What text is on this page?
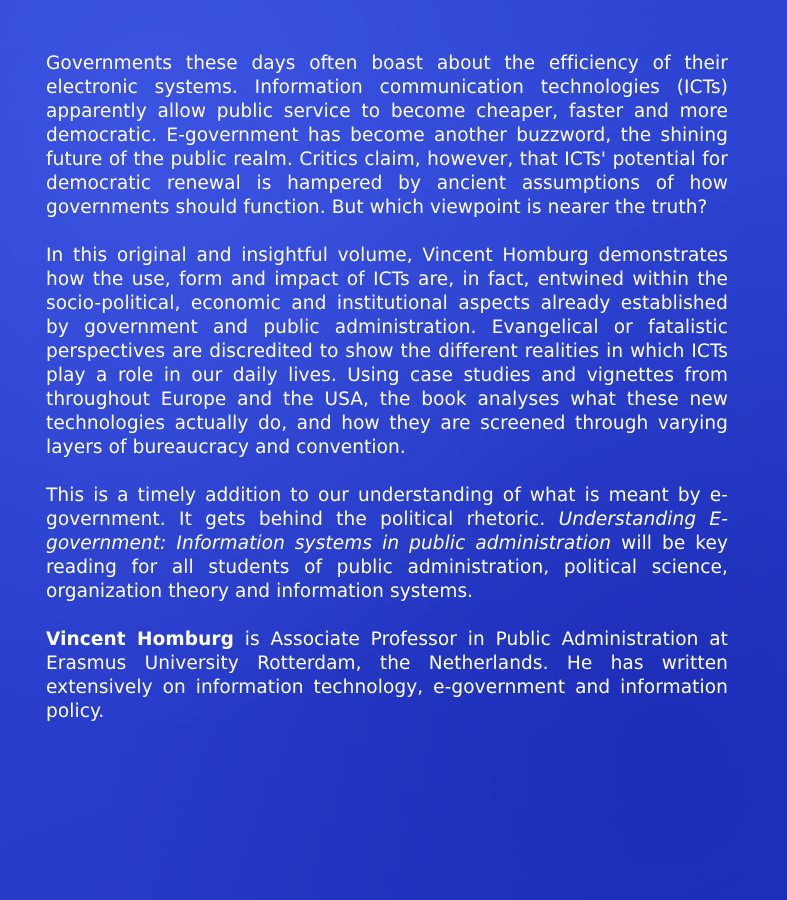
Governments these days often boast about the efficiency of their electronic systems. Information communication technologies (ICTs) apparently allow public service to become cheaper, faster and more democratic. E-government has become another buzzword, the shining future of the public realm. Critics claim, however, that ICTs' potential for democratic renewal is hampered by ancient assumptions of how governments should function. But which viewpoint is nearer the truth?

In this original and insightful volume, Vincent Homburg demonstrates how the use, form and impact of ICTs are, in fact, entwined within the socio-political, economic and institutional aspects already established by government and public administration. Evangelical or fatalistic perspectives are discredited to show the different realities in which ICTs play a role in our daily lives. Using case studies and vignettes from throughout Europe and the USA, the book analyses what these new technologies actually do, and how they are screened through varying layers of bureaucracy and convention.

This is a timely addition to our understanding of what is meant by e-government. It gets behind the political rhetoric. Understanding E-government: Information systems in public administration will be key reading for all students of public administration, political science, organization theory and information systems.

Vincent Homburg is Associate Professor in Public Administration at Erasmus University Rotterdam, the Netherlands. He has written extensively on information technology, e-government and information policy.
